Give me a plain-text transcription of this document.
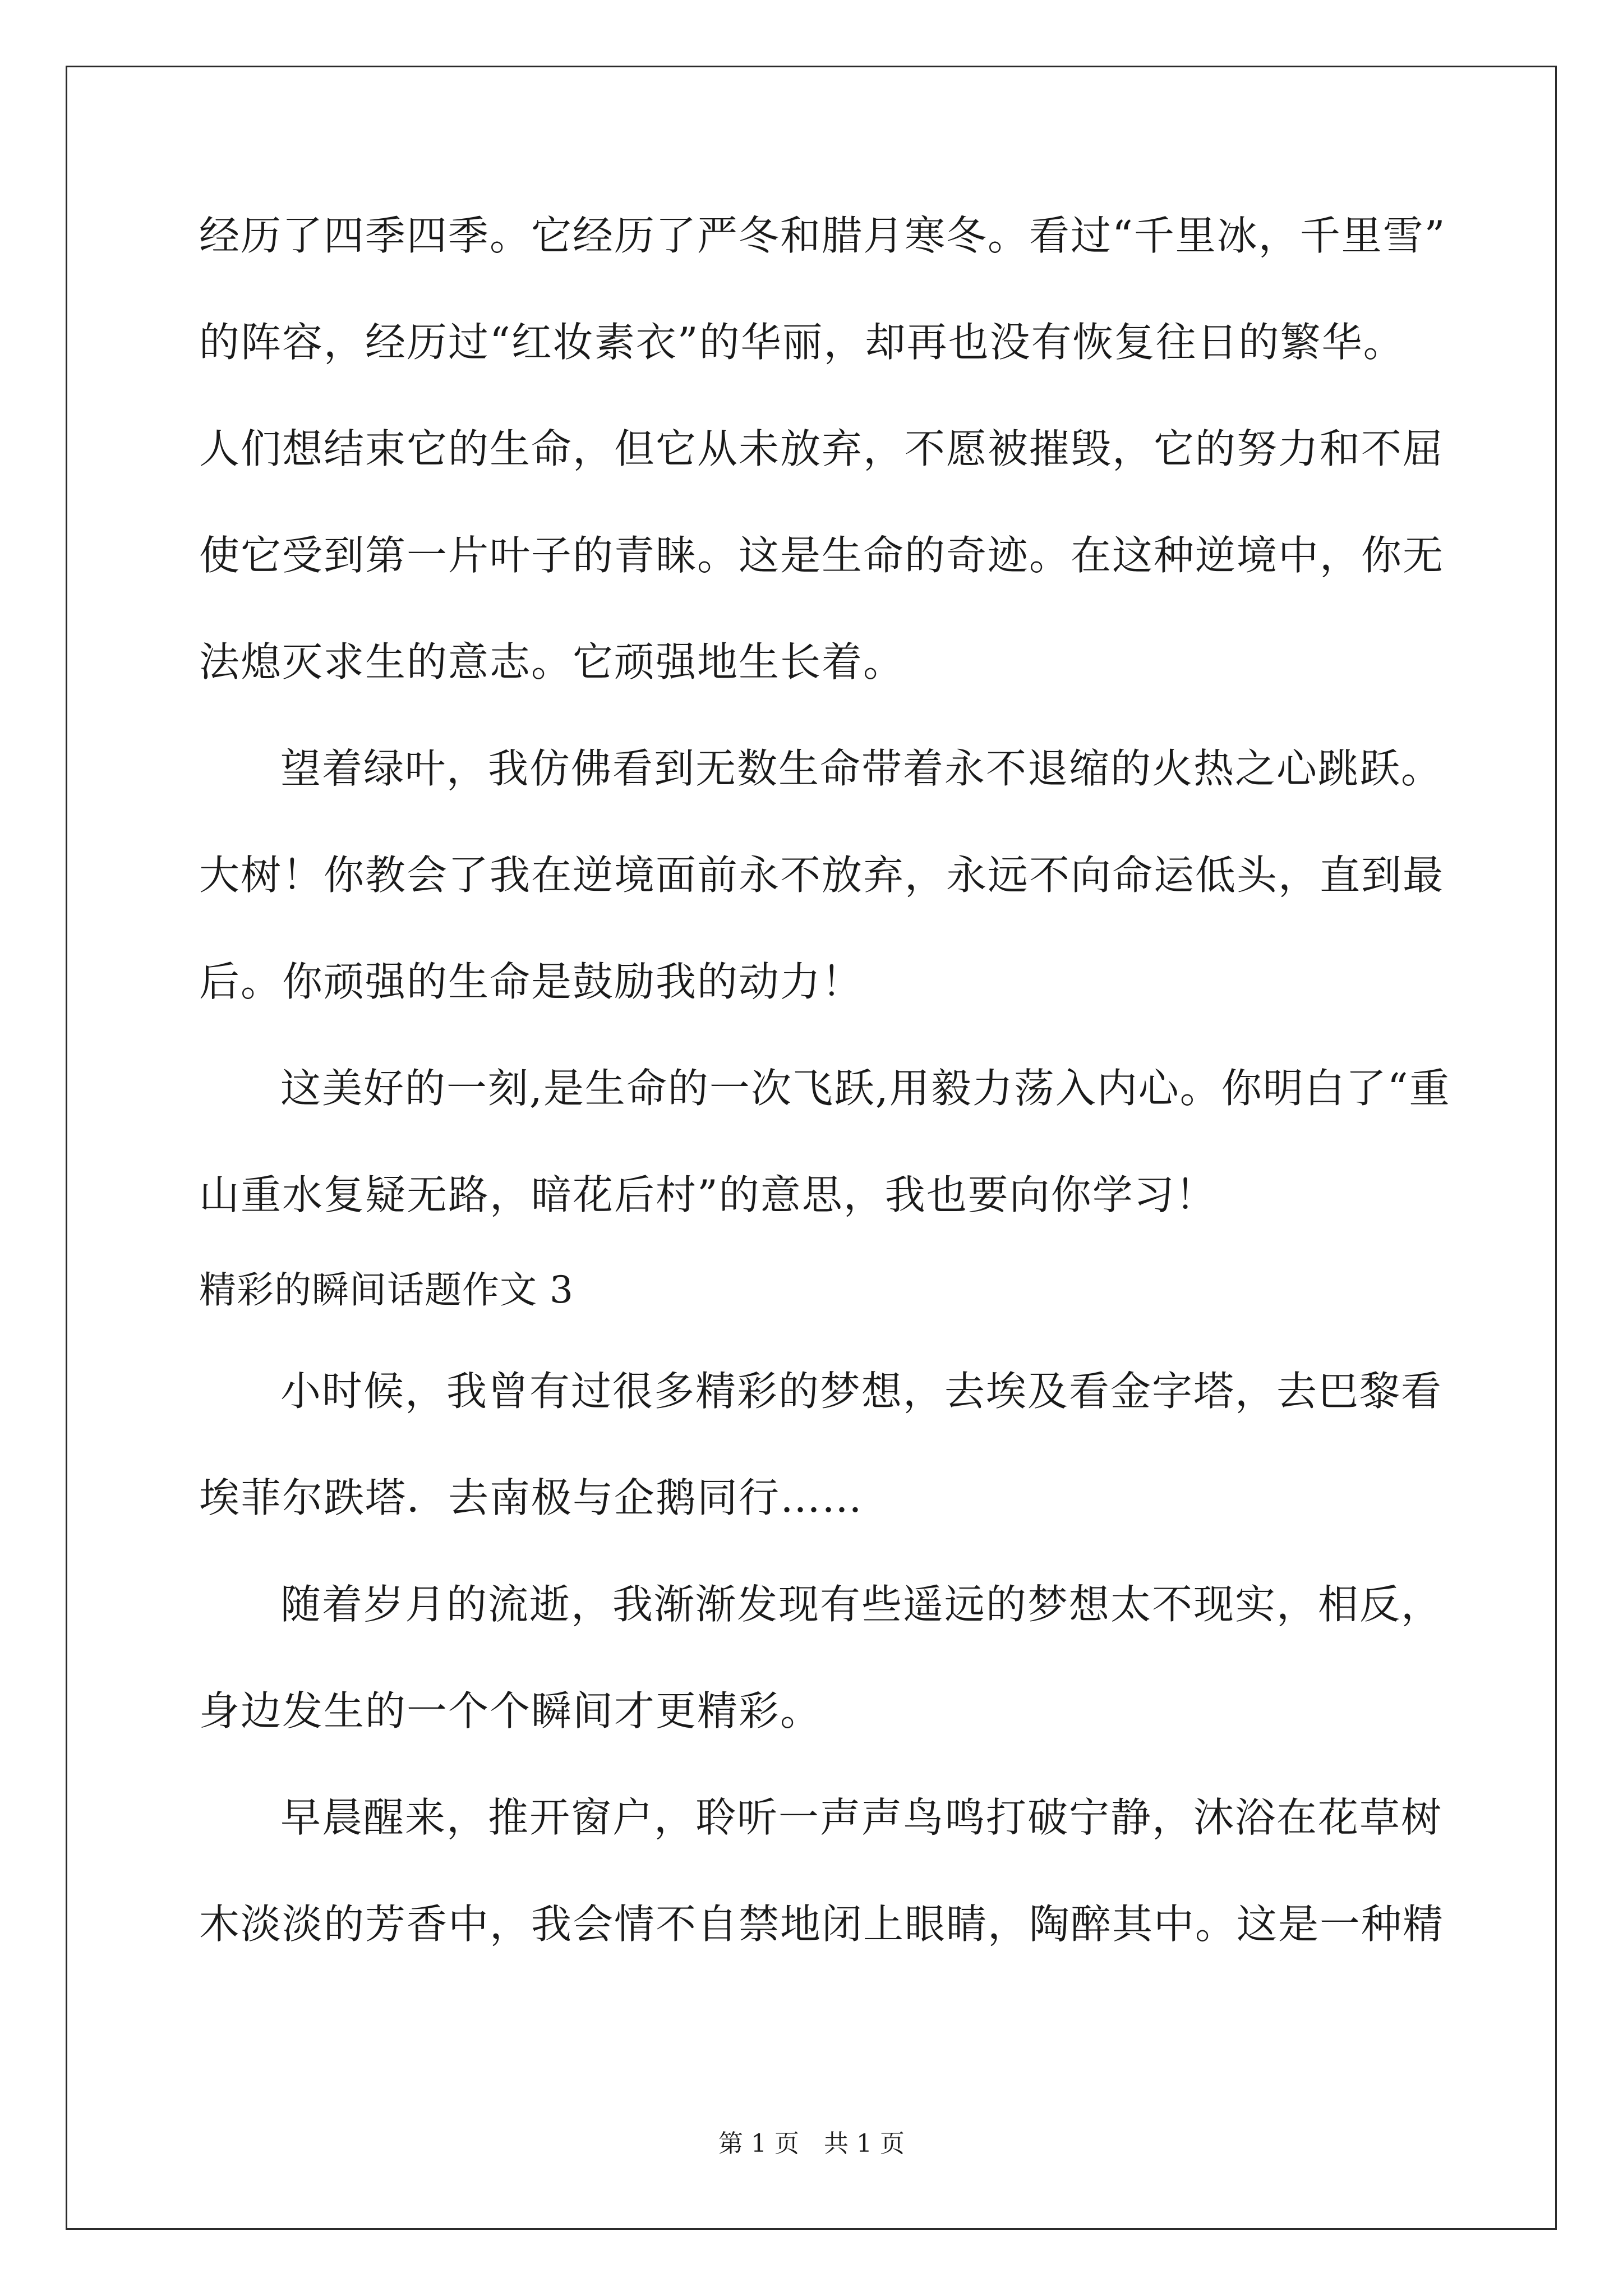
经历了四季四季。它经历了严冬和腊月寒冬。看过“千里冰，千里雪”
的阵容，经历过“红妆素衣”的华丽，却再也没有恢复往日的繁华。
人们想结束它的生命，但它从未放弃，不愿被摧毁，它的努力和不屈
使它受到第一片叶子的青睐。这是生命的奇迹。在这种逆境中，你无
法熄灭求生的意志。它顽强地生长着。
望着绿叶，我仿佛看到无数生命带着永不退缩的火热之心跳跃。
大树！你教会了我在逆境面前永不放弃，永远不向命运低头，直到最
后。你顽强的生命是鼓励我的动力！
这美好的一刻,是生命的一次飞跃,用毅力荡入内心。你明白了“重
山重水复疑无路，暗花后村”的意思，我也要向你学习！
精彩的瞬间话题作文 3
小时候，我曾有过很多精彩的梦想，去埃及看金字塔，去巴黎看
埃菲尔跌塔．去南极与企鹅同行……
随着岁月的流逝，我渐渐发现有些遥远的梦想太不现实，相反，
身边发生的一个个瞬间才更精彩。
早晨醒来，推开窗户，聆听一声声鸟鸣打破宁静，沐浴在花草树
木淡淡的芳香中，我会情不自禁地闭上眼睛，陶醉其中。这是一种精
第 1 页 共 1 页
